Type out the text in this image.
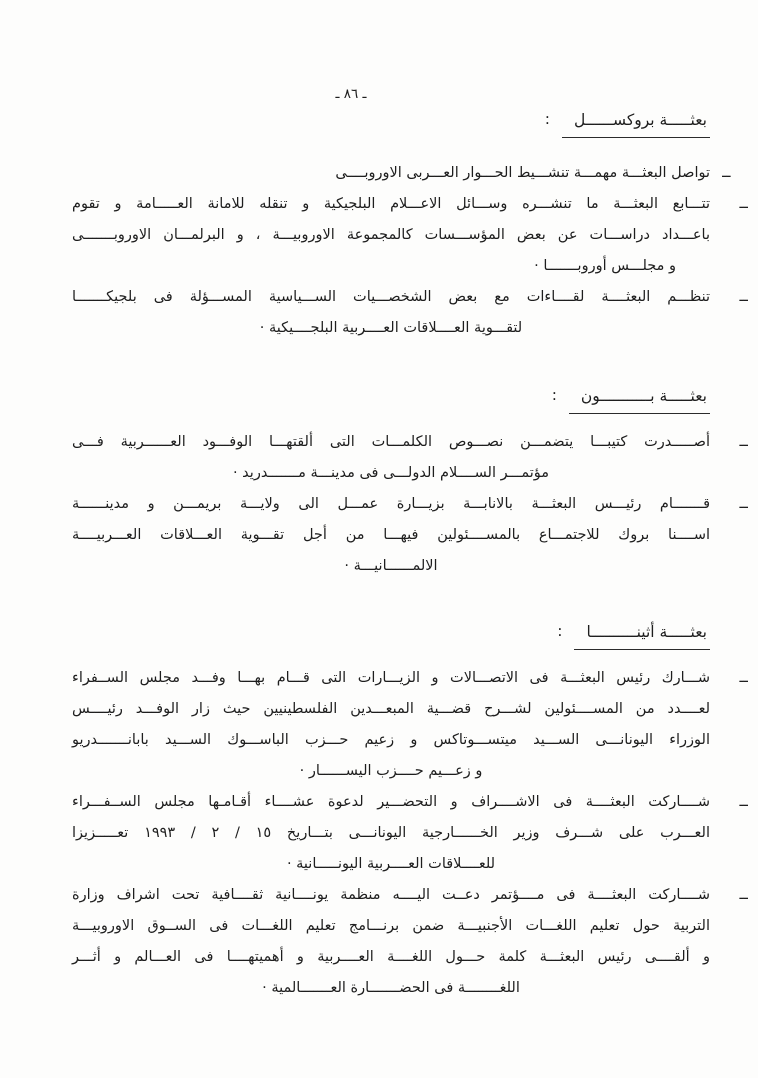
ـ ٨٦ ـ
بعثـــــة بروكســــــل:
تواصل البعثـــة مهمـــة تنشـــيط الحـــوار العـــربى الاوروبــــى ــ
تتـــابع البعثـــة ما تنشـــره وســـائل الاعـــلام البلجيكية و تنقله للامانة العـــــامة و تقوم	ــ
باعـــداد دراســـات عن بعض المؤســـسات كالمجموعة الاوروبيـــة ، و البرلمـــان الاوروبـــــــى
و مجلـــس أوروبـــــــا ·
تنظـــم البعثــــة لقــــاءات مع بعض الشخصـــيات الســـياسية المســـؤلة فى بلجيكـــــــا	ــ
لتقـــوية العــــلاقات العــــربية البلجــــيكية ·
بعثـــــة بـــــــــــون:
أصـــــدرت كتيبـــا يتضمـــن نصـــوص الكلمـــات التى ألقتهـــا الوفـــود العــــــربية فـــى	ــ
مؤتمـــر الســــلام الدولـــى فى مدينـــة مـــــــدريد ·
قـــــــام رئيـــس البعثـــة بالانابـــة بزيـــارة عمـــل الى ولايـــة بريمـــن و مدينــــــة	ــ
اســــنا بروك للاجتمـــاع بالمســــئولين فيهـــا من أجل تقـــوية العـــلاقات العـــربيــــة
الالمــــــانيـــة ·
بعثـــــة أثينــــــــــا:
شـــارك رئيس البعثـــة فى الاتصـــالات و الزيـــارات التى قـــام بهـــا وفـــد مجلس الســفراء	ــ
لعــــدد من المســــئولين لشـــرح قضـــية المبعـــدين الفلسطينيين حيث زار الوفـــد رئيــــس
الوزراء اليونانـــى الســـيد ميتســـوتاكس و زعيم حـــزب الباســـوك الســـيد بابانـــــــدريو
و زعـــيم حــــزب اليســــــار ·
شــــاركت البعثــــة فى الاشــــراف و التحضـــير لدعوة عشــــاء أقـامـها مجلس الســفـــراء	ــ
العـــرب على شـــرف وزير الخــــــارجية اليونانـــى بتـــاريخ ١٥ / ٢ / ١٩٩٣ تعـــــزيزا
للعــــلاقات العــــربية اليونـــــانية ·
شــــاركت البعثــــة فى مــــؤتمر دعــت اليــــه منظمة يونــــانية ثقــــافية تحت اشراف وزارة	ــ
التربية حول تعليم اللغـــات الأجنبيـــة ضمن برنـــامج تعليم اللغـــات فى الســوق الاوروبيـــة
و ألقــــى رئيس البعثـــة كلمة حـــول اللغــــة العــــربية و أهميتهــــا فى العـــالم و أثـــر
اللغــــــــة فى الحضـــــــارة العـــــــالمية ·
